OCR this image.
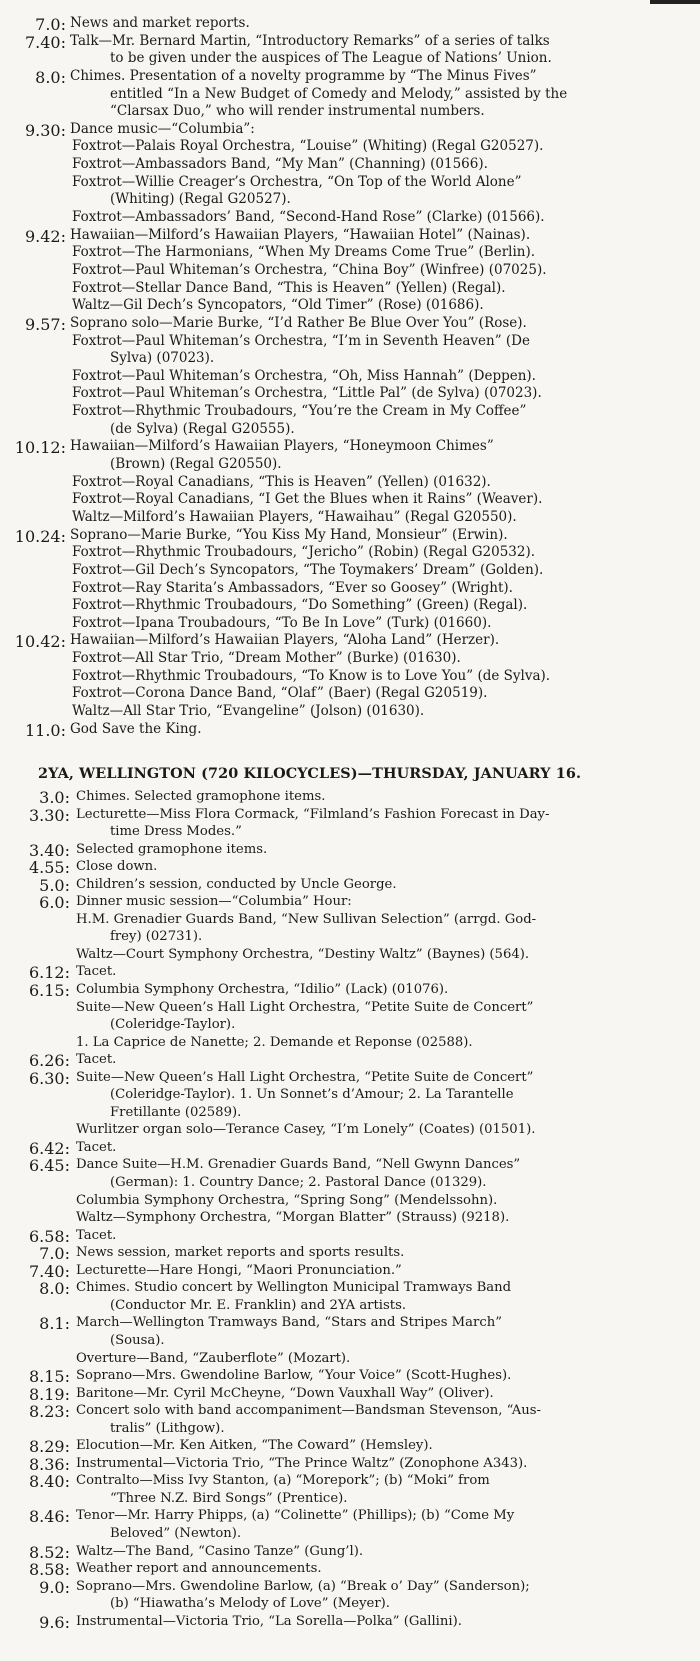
7.0: News and market reports.
7.40: Talk—Mr. Bernard Martin, “Introductory Remarks” of a series of talks
to be given under the auspices of The League of Nations’ Union.
8.0: Chimes. Presentation of a novelty programme by “The Minus Fives”
entitled “In a New Budget of Comedy and Melody,” assisted by the
“Clarsax Duo,” who will render instrumental numbers.
9.30: Dance music—“Columbia”:
Foxtrot—Palais Royal Orchestra, “Louise” (Whiting) (Regal G20527).
Foxtrot—Ambassadors Band, “My Man” (Channing) (01566).
Foxtrot—Willie Creager’s Orchestra, “On Top of the World Alone”
(Whiting) (Regal G20527).
Foxtrot—Ambassadors’ Band, “Second-Hand Rose” (Clarke) (01566).
9.42: Hawaiian—Milford’s Hawaiian Players, “Hawaiian Hotel” (Nainas).
Foxtrot—The Harmonians, “When My Dreams Come True” (Berlin).
Foxtrot—Paul Whiteman’s Orchestra, “China Boy” (Winfree) (07025).
Foxtrot—Stellar Dance Band, “This is Heaven” (Yellen) (Regal).
Waltz—Gil Dech’s Syncopators, “Old Timer” (Rose) (01686).
9.57: Soprano solo—Marie Burke, “I’d Rather Be Blue Over You” (Rose).
Foxtrot—Paul Whiteman’s Orchestra, “I’m in Seventh Heaven” (De
Sylva) (07023).
Foxtrot—Paul Whiteman’s Orchestra, “Oh, Miss Hannah” (Deppen).
Foxtrot—Paul Whiteman’s Orchestra, “Little Pal” (de Sylva) (07023).
Foxtrot—Rhythmic Troubadours, “You’re the Cream in My Coffee”
(de Sylva) (Regal G20555).
10.12: Hawaiian—Milford’s Hawaiian Players, “Honeymoon Chimes”
(Brown) (Regal G20550).
Foxtrot—Royal Canadians, “This is Heaven” (Yellen) (01632).
Foxtrot—Royal Canadians, “I Get the Blues when it Rains” (Weaver).
Waltz—Milford’s Hawaiian Players, “Hawaihau” (Regal G20550).
10.24: Soprano—Marie Burke, “You Kiss My Hand, Monsieur” (Erwin).
Foxtrot—Rhythmic Troubadours, “Jericho” (Robin) (Regal G20532).
Foxtrot—Gil Dech’s Syncopators, “The Toymakers’ Dream” (Golden).
Foxtrot—Ray Starita’s Ambassadors, “Ever so Goosey” (Wright).
Foxtrot—Rhythmic Troubadours, “Do Something” (Green) (Regal).
Foxtrot—Ipana Troubadours, “To Be In Love” (Turk) (01660).
10.42: Hawaiian—Milford’s Hawaiian Players, “Aloha Land” (Herzer).
Foxtrot—All Star Trio, “Dream Mother” (Burke) (01630).
Foxtrot—Rhythmic Troubadours, “To Know is to Love You” (de Sylva).
Foxtrot—Corona Dance Band, “Olaf” (Baer) (Regal G20519).
Waltz—All Star Trio, “Evangeline” (Jolson) (01630).
11.0: God Save the King.
2YA, WELLINGTON (720 KILOCYCLES)—THURSDAY, JANUARY 16.
3.0: Chimes. Selected gramophone items.
3.30: Lecturette—Miss Flora Cormack, “Filmland’s Fashion Forecast in Day-
time Dress Modes.”
3.40: Selected gramophone items.
4.55: Close down.
5.0: Children’s session, conducted by Uncle George.
6.0: Dinner music session—“Columbia” Hour:
H.M. Grenadier Guards Band, “New Sullivan Selection” (arrgd. God-
frey) (02731).
Waltz—Court Symphony Orchestra, “Destiny Waltz” (Baynes) (564).
6.12: Tacet.
6.15: Columbia Symphony Orchestra, “Idilio” (Lack) (01076).
Suite—New Queen’s Hall Light Orchestra, “Petite Suite de Concert”
(Coleridge-Taylor).
1. La Caprice de Nanette; 2. Demande et Reponse (02588).
6.26: Tacet.
6.30: Suite—New Queen’s Hall Light Orchestra, “Petite Suite de Concert”
(Coleridge-Taylor). 1. Un Sonnet’s d’Amour; 2. La Tarantelle
Fretillante (02589).
Wurlitzer organ solo—Terance Casey, “I’m Lonely” (Coates) (01501).
6.42: Tacet.
6.45: Dance Suite—H.M. Grenadier Guards Band, “Nell Gwynn Dances”
(German): 1. Country Dance; 2. Pastoral Dance (01329).
Columbia Symphony Orchestra, “Spring Song” (Mendelssohn).
Waltz—Symphony Orchestra, “Morgan Blatter” (Strauss) (9218).
6.58: Tacet.
7.0: News session, market reports and sports results.
7.40: Lecturette—Hare Hongi, “Maori Pronunciation.”
8.0: Chimes. Studio concert by Wellington Municipal Tramways Band
(Conductor Mr. E. Franklin) and 2YA artists.
8.1: March—Wellington Tramways Band, “Stars and Stripes March”
(Sousa).
Overture—Band, “Zauberflote” (Mozart).
8.15: Soprano—Mrs. Gwendoline Barlow, “Your Voice” (Scott-Hughes).
8.19: Baritone—Mr. Cyril McCheyne, “Down Vauxhall Way” (Oliver).
8.23: Concert solo with band accompaniment—Bandsman Stevenson, “Aus-
tralis” (Lithgow).
8.29: Elocution—Mr. Ken Aitken, “The Coward” (Hemsley).
8.36: Instrumental—Victoria Trio, “The Prince Waltz” (Zonophone A343).
8.40: Contralto—Miss Ivy Stanton, (a) “Morepork”; (b) “Moki” from
“Three N.Z. Bird Songs” (Prentice).
8.46: Tenor—Mr. Harry Phipps, (a) “Colinette” (Phillips); (b) “Come My
Beloved” (Newton).
8.52: Waltz—The Band, “Casino Tanze” (Gung’l).
8.58: Weather report and announcements.
9.0: Soprano—Mrs. Gwendoline Barlow, (a) “Break o’ Day” (Sanderson);
(b) “Hiawatha’s Melody of Love” (Meyer).
9.6: Instrumental—Victoria Trio, “La Sorella—Polka” (Gallini).
